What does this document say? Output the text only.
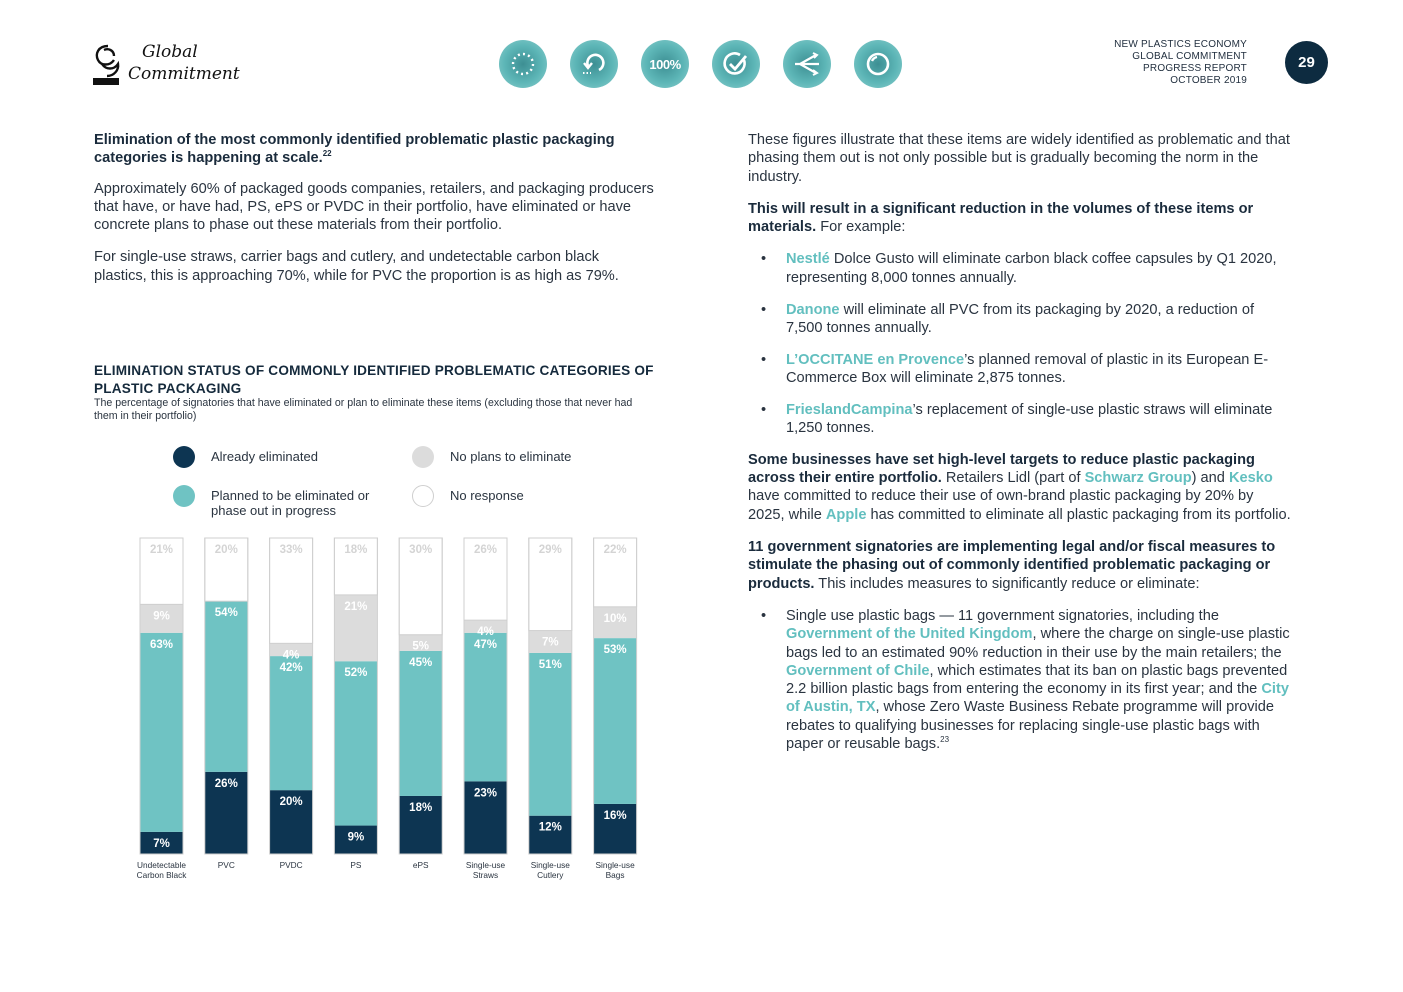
Global
Commitment	100%
NEW PLASTICS ECONOMY
GLOBAL COMMITMENT
PROGRESS REPORT
OCTOBER 2019
29

Elimination of the most commonly identified problematic plastic packaging categories is happening at scale.$^{22}$

Approximately 60% of packaged goods companies, retailers, and packaging producers that have, or have had, PS, ePS or PVDC in their portfolio, have eliminated or have concrete plans to phase out these materials from their portfolio.

For single-use straws, carrier bags and cutlery, and undetectable carbon black plastics, this is approaching 70%, while for PVC the proportion is as high as 79%.

ELIMINATION STATUS OF COMMONLY IDENTIFIED PROBLEMATIC CATEGORIES OF PLASTIC PACKAGING
The percentage of signatories that have eliminated or plan to eliminate these items (excluding those that never had them in their portfolio)
Already eliminated	No plans to eliminate
Planned to be eliminated or phase out in progress
No response
7%
63%
9%
21%
Undetectable
Carbon Black
26%
54%
20%
PVC
20%
42%
4%
33%
PVDC
9%
52%
21%
18%
PS
18%
45%
5%
30%
ePS
23%
47%
4%
26%
Single-use
Straws
12%
51%
7%
29%
Single-use
Cutlery
16%
53%
10%
22%
Single-use
Bags

These figures illustrate that these items are widely identified as problematic and that phasing them out is not only possible but is gradually becoming the norm in the industry.

This will result in a significant reduction in the volumes of these items or materials. For example:

• Nestlé Dolce Gusto will eliminate carbon black coffee capsules by Q1 2020, representing 8,000 tonnes annually.
• Danone will eliminate all PVC from its packaging by 2020, a reduction of 7,500 tonnes annually.
• L’OCCITANE en Provence’s planned removal of plastic in its European E-Commerce Box will eliminate 2,875 tonnes.
• FrieslandCampina’s replacement of single-use plastic straws will eliminate 1,250 tonnes.

Some businesses have set high-level targets to reduce plastic packaging across their entire portfolio. Retailers Lidl (part of Schwarz Group) and Kesko have committed to reduce their use of own-brand plastic packaging by 20% by 2025, while Apple has committed to eliminate all plastic packaging from its portfolio.

11 government signatories are implementing legal and/or fiscal measures to stimulate the phasing out of commonly identified problematic packaging or products. This includes measures to significantly reduce or eliminate:

• Single use plastic bags — 11 government signatories, including the Government of the United Kingdom, where the charge on single-use plastic bags led to an estimated 90% reduction in their use by the main retailers; the Government of Chile, which estimates that its ban on plastic bags prevented 2.2 billion plastic bags from entering the economy in its first year; and the City of Austin, TX, whose Zero Waste Business Rebate programme will provide rebates to qualifying businesses for replacing single-use plastic bags with paper or reusable bags.$^{23}$
